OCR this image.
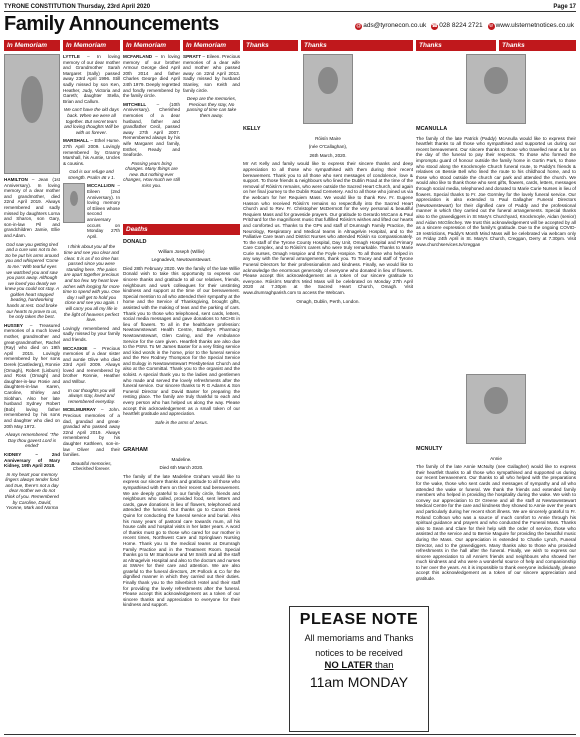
TYRONE CONSTITUTION Thursday, 23rd April 2020	Page 17
Family Announcements	@ ads@tyronecon.co.uk ☎028 8224 2721	w www.ulsternetnotices.co.uk
In Memoriam	In Memoriam	In Memoriam	In Memoriam	Thanks	Thanks	Thanks	Thanks

HAMILTON – Jean (1st Anniversary). In loving memory of a dear mother and grandmother, died 22nd April 2019. Always remembered and sadly missed by daughters Lorna and Sharon, son Gary, son-in-law Pil and grandchildren Jamie, Ellie and Adam.

God saw you getting tired and a cure was not to be. So he put his arms around you and whispered 'Come to me.' With tearful eyes we watched you and saw you pass away. Although we loved you dearly we knew you could not stay. A golden heart stopped beating, hardworking hands at rest. God broke our hearts to prove to us, he only takes the best.

HUSSEY – Treasured memories of a much loved mother, grandmother and great-grandmother, Rachel (Ray) who died on 19th April 2015. Lovingly remembered by her sons Derek (Castlederg), Ronnie (Omagh), Robert (Lisburn) and Ross (Omagh) and daughter-in-law Rosie and daughters-in-law Karen, Caroline, Shirley and Siobhan. Also her late husband Sydney Robert (Bob) loving father remembered by his sons and daughter who died on 20th May 1972.

Always remembered. 'The Day thou gavest Lord is ended'

KIDNEY	– 2nd Anniversary of Mary Kidney, 19th April 2018.

In my heart your memory lingers always tender fond and true, there's not a day dear mother we do not think of you. Remembered by Caroline, David, Yvonne, Mark and Norma

LYTTLE – In loving memory of our dear mother and Grandmother Sarah Margaret (Sally) passed away 23rd April 1996. Still sadly missed by son Ken, Heather, Judy, Victoria and Gareth; daughter Stella, Brian and Callum.

We can't have the old days back. When we were all together. But secret tears and loving thoughts Will be with us forever.

MARSHALL – Ethel Hume. 27th April 2009. Lovingly remembered by Granny Marshall, his Auntie, Uncles & cousins.

God is our refuge and strength. Psalm 46 v 1.

MCCALLION – Eileen (2nd Anniversary). In loving memory of Eileen whose second anniversary occurs on Monday 27th April.

I think about you all the time and see you clear and clear. It is as if no time has passed since you were standing here. The pains are apart together precious and too few. My heart love aches with longing for more time to spend with you. One day I will get to hold you close and see you again. I will carry you all my life in the light of heavens perfect love.

Lovingly remembered and sadly missed by your family and friends.

MCCASKIE – Precious memories of a dear sister and auntie Olive who died 23rd April 2009. Always loved and remembered by brother Ronnie, Heather and Wilbur.

In our thoughts you will always stay, loved and remembered everyday.

MCELMURRAY – John. Precious memories of a dad, grandad and great-grandad who passed away 22nd April 2019. Always remembered by his daughter Kathleen, son-in-law Oliver and their families.

Beautiful memories, Cherished forever.

MCFARLAND – In loving memory of our brother Armour George died April 20th 2014 and father Charles George died April 24th 1979. Deeply regretted and fondly remembered by the family circle.

MITCHELL – (10th Anniversary). Cherished memories of a dear husband, father and grandfather Cecil, passed away 27th April 2007. Remembered always by his wife Margaret and family, Esther, Ready and Seaforde.

Passing years bring changes. Many things are new. But nothing ever changes, How much we still miss you.

SPRATT – Eileen. Precious memories of a dear wife and mother who passed away on 22nd April 2013. Sadly missed by husband Stanley, son Keith and family circle.

Deep are the memories, Precious they stay, No passing of time can take them away.

Deaths

DONALD

William Joseph (Willie)

Legnadevit, Newtownstewart.

Died 28th February 2020. We the family of the late Willie Donald wish to take this opportunity to express our sincere thanks and gratitude to all our relatives, friends, neighbours and work colleagues for their unstinting kindness and support at the time of our bereavement. Special mention to all who attended their sympathy at the home and the Service of Thanksgiving, brought gifts, assisted with the making of teas and the parking of cars. Thank you to those who telephoned, sent cards, letters, social media messages and gave donations to NICHS in lieu of flowers. To all in the healthcare profession: Newtownstewart Health Centre, Bradley's Pharmacy Newtownstewart, Glen Caring, and the Ambulance Service for the care given. Heartfelt thanks are also due to the PSNI. To Mr James Baxter for a very fitting service and kind words in the home, prior to the funeral service and the Rev Rodney Thompson for the Special Service and Eulogy in Newtownstewart Presbyterian Church and also at the Committal. Thank you to the organist and the soloist. A special thank you to the ladies and gentlemen who made and served the lovely refreshments after the funeral service. Our sincere thanks to R G Adams & Son Funeral Director and David Baxter for preparing the resting place. The family are truly thankful to each and every person who has helped us along the way. Please accept this acknowledgement as a small token of our heartfelt gratitude and appreciation.

Safe in the arms of Jesus.

GRAHAM

Madeline.

Died 6th March 2020.

The family of the late Madeline Graham would like to express our sincere thanks and gratitude to all those who sympathised with them on their recent sad bereavement. We are deeply grateful to our family circle, friends and neighbours who called, provided food, sent letters and cards, gave donations in lieu of flowers, telephoned and attended the funeral. Our thanks go to Canon Derek Quinn for conducting the funeral service and burial. Also his many years of pastoral care towards mum, all his house calls and hospital visits in her latter years. A word of thanks must go to those who cared for our mother in recent times, Northwest Care and Springlawn Nursing Home. Thank you to the medical teams at Drumragh Family Practice and in the Treatment Room. Special thanks go to Mr Stanhouse and Mr Smith and all the staff at Altnagelvin Hospital and also to the doctors and nurses at SWAH for their care and attention. We are also grateful to the funeral directors, JR Pollock & Co for the dignified manner in which they carried out their duties. Finally thank you to the Silverbirch Hotel and their staff for providing the lovely refreshments after the funeral. Please accept this acknowledgement as a token of our sincere thanks and appreciation to everyone for their kindness and support.

KELLY

Róisín Maire

(née O'Callaghan),

26th March, 2020.

Mr Art Kelly and family would like to express their sincere thanks and deep appreciation to all those who sympathised with them during their recent bereavement. Thank you to all those who sent messages of condolence, love & support. To those friends & neighbours who lined the Dublin Road at the time of the removal of Róisín's remains, who were outside the Sacred Heart Church, and again on her final journey to the Dublin Road Cemetery. And to all those who joined us via the webcam for her Requiem Mass. We would like to thank Rev. Fr. Eugene Hasson who received Róisín's remains so respectfully into the Sacred Heart Church and to Rev. Fr. Christopher McDermott for the very personal & beautiful Requiem Mass and for graveside prayers. Our gratitude to Gerardo McCann & Paul Pritchard for the magnificent music that fulfilled Róisín's wishes and lifted our hearts and comforted us. Thanks to the GPs and staff of Drumragh Family Practice, the Neurology, Respiratory and Medical teams in Altnagelvin Hospital, and to the Palliative Care team and District Nurses who attended Róisín so compassionately. To the staff of the Tyrone County Hospital, Day Unit, Omagh Hospital and Primary Care Complex, and to Róisín's carers who were truly remarkable. Thanks to Marie Curie nurses, Omagh Hospice and the Foyle Hospice. To all those who helped in any way with the funeral arrangements, thank you. To Tracey and staff of Tyrone Funeral Directors for their professionalism and kindness. Finally, we would like to acknowledge the enormous generosity of everyone who donated in lieu of flowers. Please accept this acknowledgement as a token of our sincere gratitude to everyone. Róisín's Month's Mind Mass will be celebrated on Monday 27th April 2020 at 7.30pm at the Sacred Heart Church, Omagh. Visit www.drumraghparish.com to access the Webcam.

Omagh, Dublin, Perth, London.

PLEASE NOTE
All memoriams and Thanks
notices to be received
NO LATER than
11am MONDAY

MCANULLA

The family of the late Patrick (Paddy) McAnulla would like to express their heartfelt thanks to all those who sympathised and supported us during our recent bereavement. Our sincere thanks to those who travelled near & far on the day of the funeral to pay their respects. To those who formed the impromptu guard of honour outside the family home in Gortin Park, to those who stood along the Knockmoyle Church funeral route, to Paddy's friends & relatives on Bessie Bell who lined the route to his childhood home, and to those who stood outside the church car park and attended the church. We would also like to thank those who sent gifts, flowers, cards, letters, messages through social media, telephoned and donated to Marie Curie Nurses in lieu of flowers. Special thanks to Fr. Joe Gormley for the lovely funeral service. Our appreciation is also extended to Paul Gallagher Funeral Directors (Newtownstewart) for their dignified care of Paddy and the professional manner in which they carried out the funeral arrangements. Special thanks also to the gravediggers in St Mary's Churchyard, Knockmoyle, Aidan (senior) and Aidan McGlinchey. We trust this acknowledgement will be accepted by all as a sincere expression of the family's gratitude. Due to the ongoing COVID-19 restrictions, Paddy's Month Mind Mass will be celebrated via webcam only on Friday 24th April in St. Mary's Church, Creggan, Derry at 7.30pm. Visit www.churchservices.tv/creggan

MCNULTY

Annie

The family of the late Annie McNulty (nee Gallagher) would like to express their heartfelt thanks to all those who sympathised and supported us during our recent bereavement. Our thanks to all who helped with the preparations for the wake, those who sent cards and messages of sympathy and all who attended the wake or funeral. We thank the friends and extended family members who helped in providing the hospitality during the wake. We wish to convey our appreciation to Dr Greene and all the staff at Newtownstewart Medical Centre for the care and kindness they showed to Annie over the years and particularly during her recent short illness. We are sincerely grateful to Fr. Roland Colhoun who was a source of much comfort to Annie through his spiritual guidance and prayers and who conducted the Funeral Mass. Thanks also to Sean and Clare for their help with the order of service, those who assisted at the service and to Bernie Maguire for providing the beautiful music during the Mass. Our appreciation is extended to Charlie Lynch, Funeral Director, and to the gravediggers. Many thanks also to those who provided refreshments in the hall after the funeral. Finally, we wish to express our sincere appreciation to all Annie's friends and neighbours who showed her much kindness and who were a wonderful source of help and companionship to her over the years. As it is impossible to thank everyone individually, please accept this acknowledgement as a token of our sincere appreciation and gratitude.
